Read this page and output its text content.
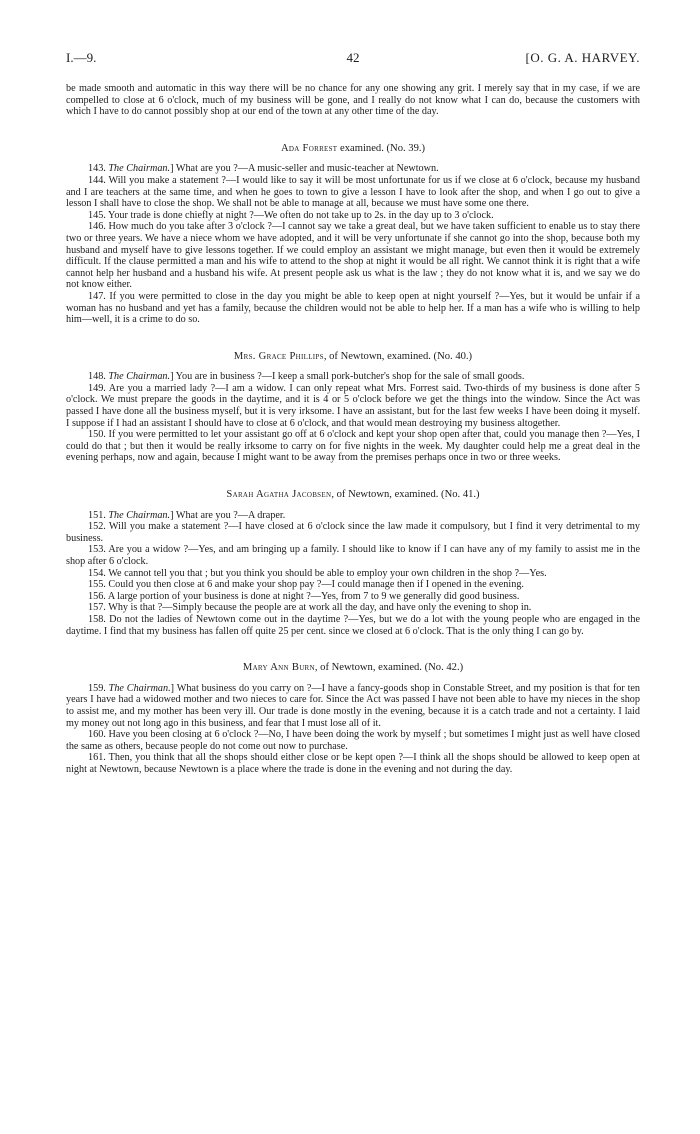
I.—9.	42	[O. G. A. HARVEY.

be made smooth and automatic in this way there will be no chance for any one showing any grit. I merely say that in my case, if we are compelled to close at 6 o'clock, much of my business will be gone, and I really do not know what I can do, because the customers with which I have to do cannot possibly shop at our end of the town at any other time of the day.

Ada Forrest examined. (No. 39.)

143. The Chairman.] What are you ?—A music-seller and music-teacher at Newtown.

144. Will you make a statement ?—I would like to say it will be most unfortunate for us if we close at 6 o'clock, because my husband and I are teachers at the same time, and when he goes to town to give a lesson I have to look after the shop, and when I go out to give a lesson I shall have to close the shop. We shall not be able to manage at all, because we must have some one there.

145. Your trade is done chiefly at night ?—We often do not take up to 2s. in the day up to 3 o'clock.

146. How much do you take after 3 o'clock ?—I cannot say we take a great deal, but we have taken sufficient to enable us to stay there two or three years. We have a niece whom we have adopted, and it will be very unfortunate if she cannot go into the shop, because both my husband and myself have to give lessons together. If we could employ an assistant we might manage, but even then it would be extremely difficult. If the clause permitted a man and his wife to attend to the shop at night it would be all right. We cannot think it is right that a wife cannot help her husband and a husband his wife. At present people ask us what is the law ; they do not know what it is, and we say we do not know either.

147. If you were permitted to close in the day you might be able to keep open at night yourself ?—Yes, but it would be unfair if a woman has no husband and yet has a family, because the children would not be able to help her. If a man has a wife who is willing to help him—well, it is a crime to do so.

Mrs. Grace Phillips, of Newtown, examined. (No. 40.)

148. The Chairman.] You are in business ?—I keep a small pork-butcher's shop for the sale of small goods.

149. Are you a married lady ?—I am a widow. I can only repeat what Mrs. Forrest said. Two-thirds of my business is done after 5 o'clock. We must prepare the goods in the daytime, and it is 4 or 5 o'clock before we get the things into the window. Since the Act was passed I have done all the business myself, but it is very irksome. I have an assistant, but for the last few weeks I have been doing it myself. I suppose if I had an assistant I should have to close at 6 o'clock, and that would mean destroying my business altogether.

150. If you were permitted to let your assistant go off at 6 o'clock and kept your shop open after that, could you manage then ?—Yes, I could do that ; but then it would be really irksome to carry on for five nights in the week. My daughter could help me a great deal in the evening perhaps, now and again, because I might want to be away from the premises perhaps once in two or three weeks.

Sarah Agatha Jacobsen, of Newtown, examined. (No. 41.)

151. The Chairman.] What are you ?—A draper.

152. Will you make a statement ?—I have closed at 6 o'clock since the law made it compulsory, but I find it very detrimental to my business.

153. Are you a widow ?—Yes, and am bringing up a family. I should like to know if I can have any of my family to assist me in the shop after 6 o'clock.

154. We cannot tell you that ; but you think you should be able to employ your own children in the shop ?—Yes.

155. Could you then close at 6 and make your shop pay ?—I could manage then if I opened in the evening.

156. A large portion of your business is done at night ?—Yes, from 7 to 9 we generally did good business.

157. Why is that ?—Simply because the people are at work all the day, and have only the evening to shop in.

158. Do not the ladies of Newtown come out in the daytime ?—Yes, but we do a lot with the young people who are engaged in the daytime. I find that my business has fallen off quite 25 per cent. since we closed at 6 o'clock. That is the only thing I can go by.

Mary Ann Burn, of Newtown, examined. (No. 42.)

159. The Chairman.] What business do you carry on ?—I have a fancy-goods shop in Constable Street, and my position is that for ten years I have had a widowed mother and two nieces to care for. Since the Act was passed I have not been able to have my nieces in the shop to assist me, and my mother has been very ill. Our trade is done mostly in the evening, because it is a catch trade and not a certainty. I laid my money out not long ago in this business, and fear that I must lose all of it.

160. Have you been closing at 6 o'clock ?—No, I have been doing the work by myself ; but sometimes I might just as well have closed the same as others, because people do not come out now to purchase.

161. Then, you think that all the shops should either close or be kept open ?—I think all the shops should be allowed to keep open at night at Newtown, because Newtown is a place where the trade is done in the evening and not during the day.
